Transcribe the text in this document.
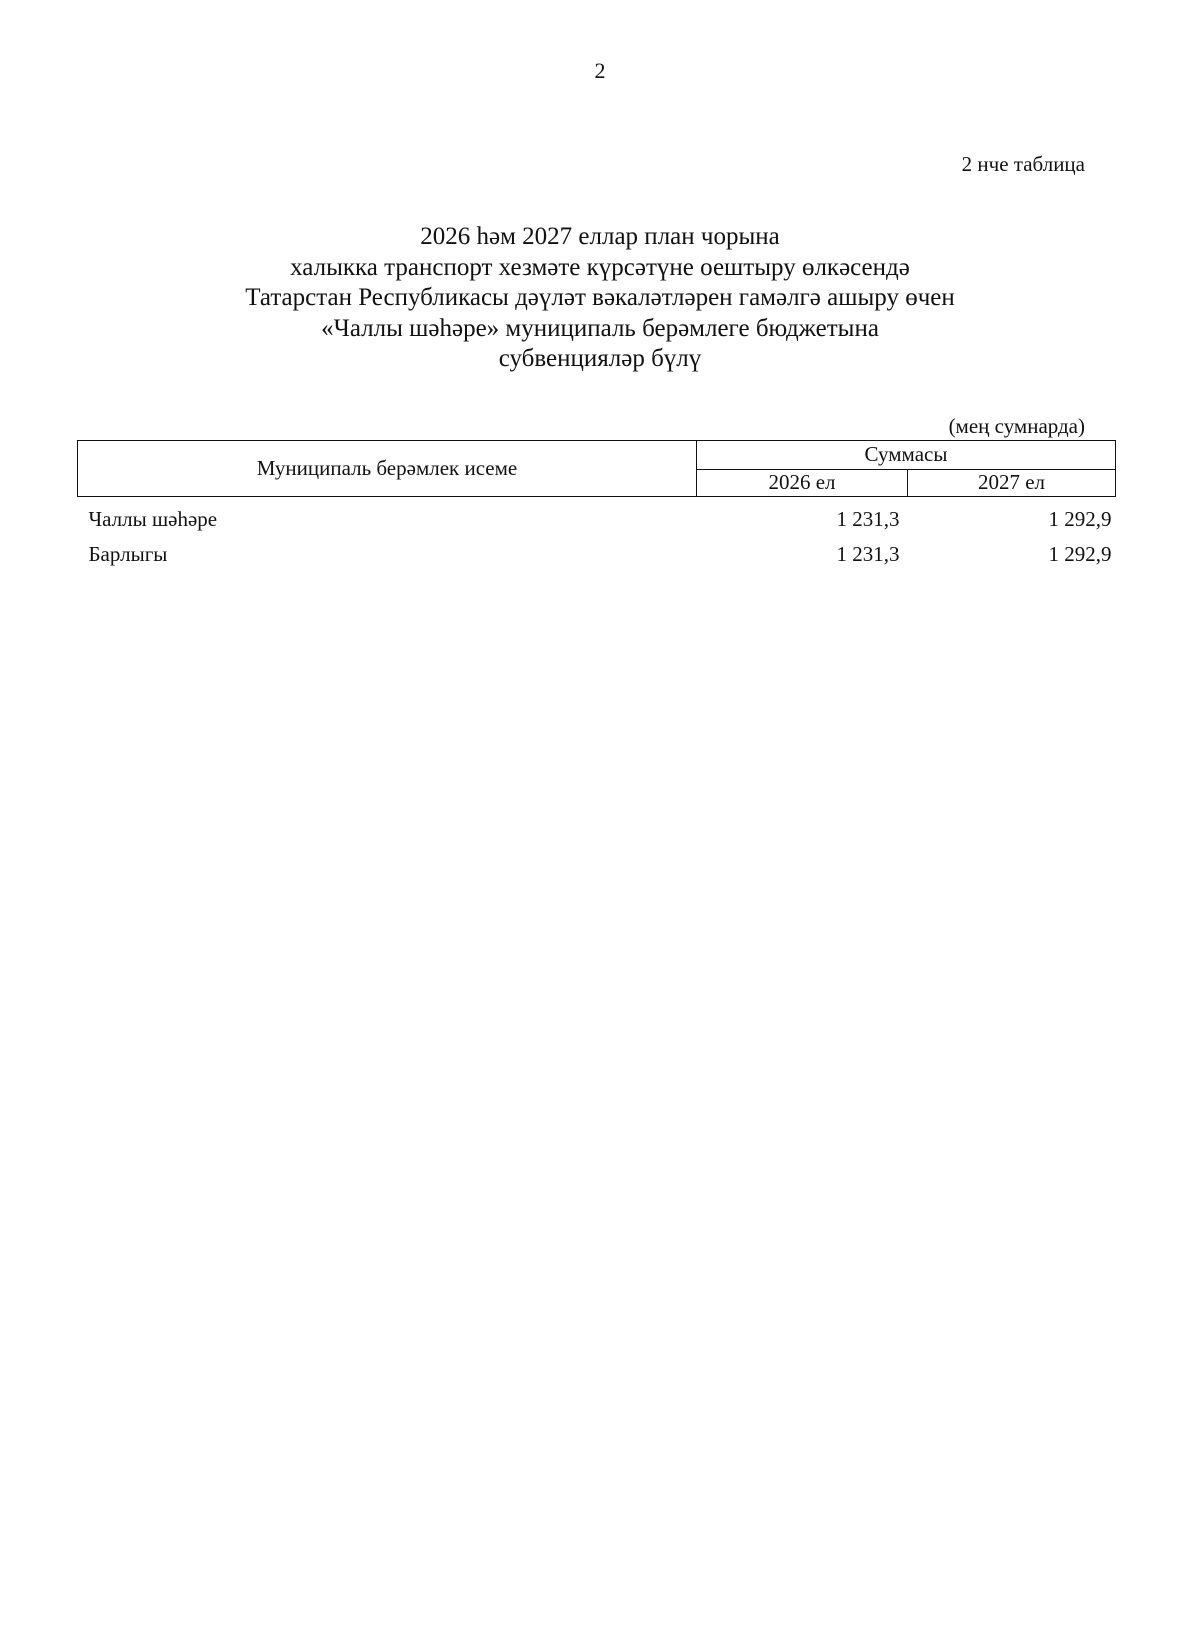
2
2 нче таблица
2026 һәм 2027 еллар план чорына
халыкка транспорт хезмәте күрсәтүне оештыру өлкәсендә
Татарстан Республикасы дәүләт вәкаләтләрен гамәлгә ашыру өчен
«Чаллы шәһәре» муниципаль берәмлеге бюджетына
субвенцияләр бүлү
(мең сумнарда)
Муниципаль берәмлек исеме	Суммасы	
	2026 ел	2027 ел
Чаллы шәһәре	1 231,3	1 292,9
Барлыгы	1 231,3	1 292,9
